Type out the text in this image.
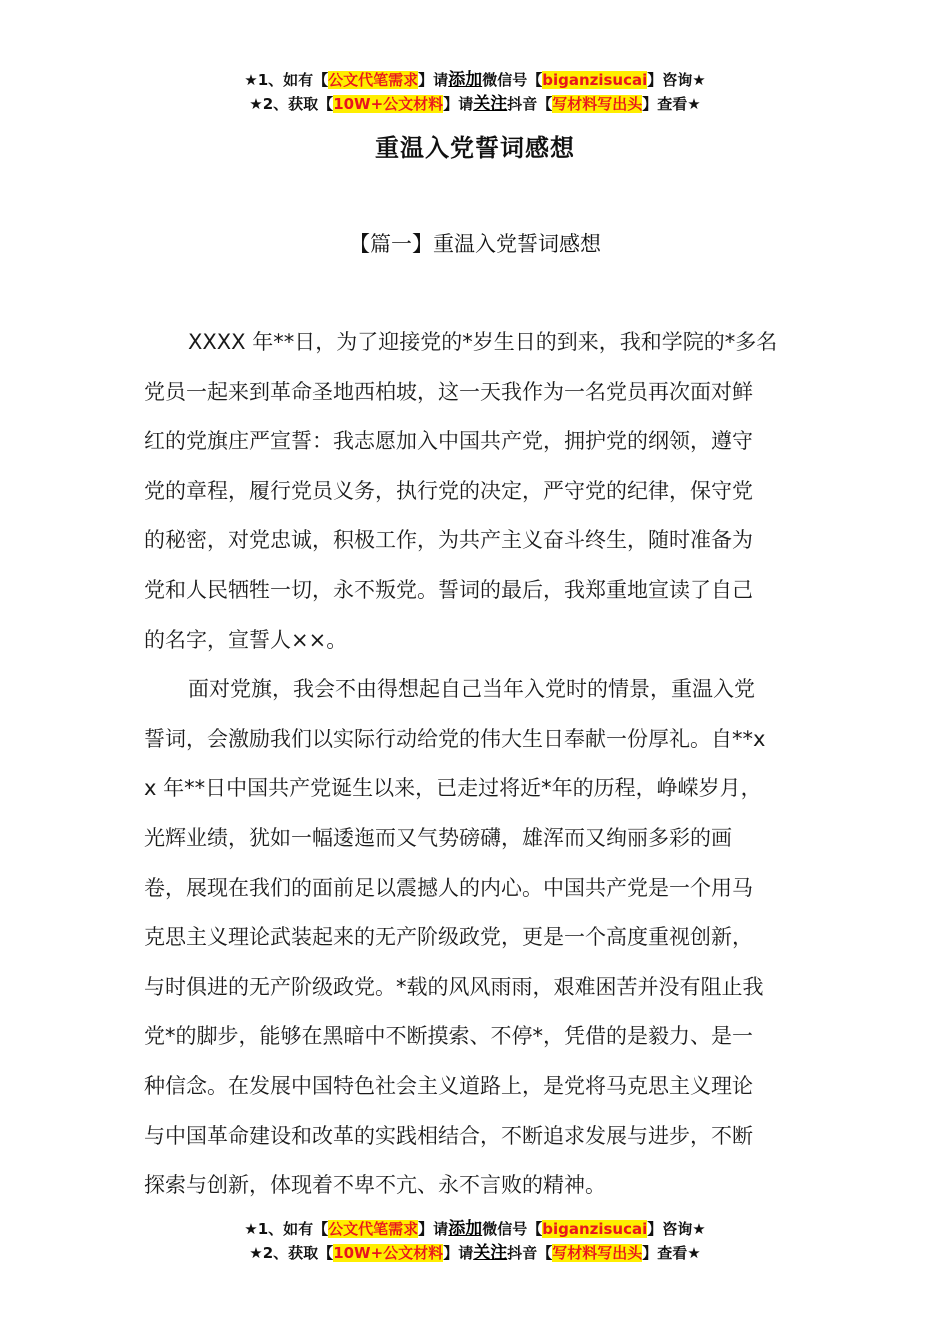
★1、如有【公文代笔需求】请添加微信号【biganzisucai】咨询★
★2、获取【10W+公文材料】请关注抖音【写材料写出头】查看★
重温入党誓词感想
【篇一】重温入党誓词感想

XXXX 年**日，为了迎接党的*岁生日的到来，我和学院的*多名
党员一起来到革命圣地西柏坡，这一天我作为一名党员再次面对鲜
红的党旗庄严宣誓：我志愿加入中国共产党，拥护党的纲领，遵守
党的章程，履行党员义务，执行党的决定，严守党的纪律，保守党
的秘密，对党忠诚，积极工作，为共产主义奋斗终生，随时准备为
党和人民牺牲一切，永不叛党。誓词的最后，我郑重地宣读了自己
的名字，宣誓人××。

面对党旗，我会不由得想起自己当年入党时的情景，重温入党
誓词，会激励我们以实际行动给党的伟大生日奉献一份厚礼。自**x
x 年**日中国共产党诞生以来，已走过将近*年的历程，峥嵘岁月，
光辉业绩，犹如一幅逶迤而又气势磅礴，雄浑而又绚丽多彩的画
卷，展现在我们的面前足以震撼人的内心。中国共产党是一个用马
克思主义理论武装起来的无产阶级政党，更是一个高度重视创新，
与时俱进的无产阶级政党。*载的风风雨雨，艰难困苦并没有阻止我
党*的脚步，能够在黑暗中不断摸索、不停*，凭借的是毅力、是一
种信念。在发展中国特色社会主义道路上，是党将马克思主义理论
与中国革命建设和改革的实践相结合，不断追求发展与进步，不断
探索与创新，体现着不卑不亢、永不言败的精神。

★1、如有【公文代笔需求】请添加微信号【biganzisucai】咨询★
★2、获取【10W+公文材料】请关注抖音【写材料写出头】查看★
